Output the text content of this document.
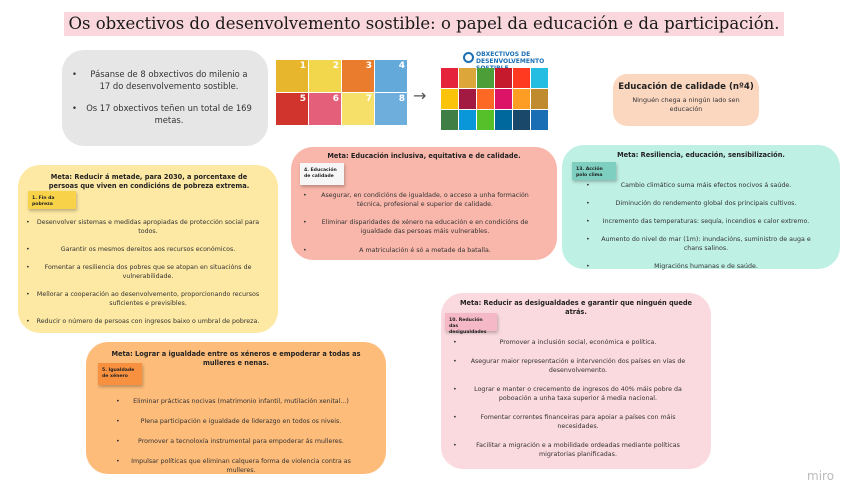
Os obxectivos do desenvolvemento sostible: o papel da educación e da participación.
• Pásanse de 8 obxectivos do milenio a 17 do desenvolvemento sostible.
• Os 17 obxectivos teñen un total de 169 metas.
1	2	3	4
5	6	7	8 →
OBXECTIVOS DE DESENVOLVEMENTO
Educación de calidade (nº4)
Ninguén chega a ningún lado sen educación
Meta: Reducir á metade, para 2030, a porcentaxe de persoas que viven en condicións de pobreza extrema.
1. Fin da pobreza
• Desenvolver sistemas e medidas apropiadas de protección social para todos.
• Garantir os mesmos dereitos aos recursos económicos.
• Fomentar a resiliencia dos pobres que se atopan en situacións de vulnerabilidade.
• Mellorar a cooperación ao desenvolvemento, proporcionando recursos suficientes e previsibles.
• Reducir o número de persoas con ingresos baixo o umbral de pobreza.
Meta: Educación inclusiva, equitativa e de calidade.
4. Educación de calidade
• Asegurar, en condicións de igualdade, o acceso a unha formación técnica, profesional e superior de calidade.
• Eliminar disparidades de xénero na educación e en condicións de igualdade das persoas máis vulnerables.
• A matriculación é só a metade da batalla.
Meta: Resiliencia, educación, sensibilización.
13. Acción polo clima
• Cambio climático suma máis efectos nocivos á saúde.
• Diminución do rendemento global dos principais cultivos.
• Incremento das temperaturas: sequía, incendios e calor extremo.
• Aumento do nivel do mar (1m): inundacións, suministro de auga e chans salinos.
• Migracións humanas e de saúde.
Meta: Lograr a igualdade entre os xéneros e empoderar a todas as mulleres e nenas.
5. Igualdade de xénero
• Eliminar prácticas nocivas (matrimonio infantil, mutilación xenital...)
• Plena participación e igualdade de liderazgo en todos os niveis.
• Promover a tecnoloxía instrumental para empoderar ás mulleres.
• Impulsar políticas que eliminan calquera forma de violencia contra as mulleres.
Meta: Reducir as desigualdades e garantir que ninguén quede atrás.
10. Redución das desigualdades
• Promover a inclusión social, económica e política.
• Asegurar maior representación e intervención dos países en vías de desenvolvemento.
• Lograr e manter o crecemento de ingresos do 40% máis pobre da poboación a unha taxa superior á media nacional.
• Fomentar correntes financeiras para apoiar a países con máis necesidades.
• Facilitar a migración e a mobilidade ordeadas mediante políticas migratorias planificadas.
miro
